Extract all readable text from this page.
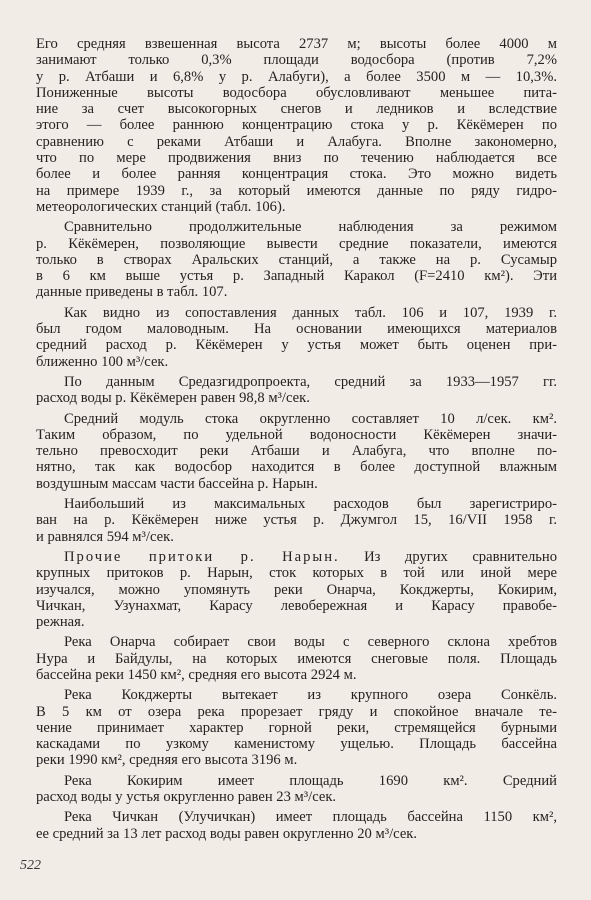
Его средняя взвешенная высота 2737 м; высоты более 4000 м
занимают только 0,3% площади водосбора (против 7,2%
у р. Атбаши и 6,8% у р. Алабуги), а более 3500 м — 10,3%.
Пониженные высоты водосбора обусловливают меньшее пита-
ние за счет высокогорных снегов и ледников и вследствие
этого — более раннюю концентрацию стока у р. Кёкёмерен по
сравнению с реками Атбаши и Алабуга. Вполне закономерно,
что по мере продвижения вниз по течению наблюдается все
более и более ранняя концентрация стока. Это можно видеть
на примере 1939 г., за который имеются данные по ряду гидро-
метеорологических станций (табл. 106).
Сравнительно продолжительные наблюдения за режимом
р. Кёкёмерен, позволяющие вывести средние показатели, имеются
только в створах Аральских станций, а также на р. Сусамыр
в 6 км выше устья р. Западный Каракол (F=2410 км²). Эти
данные приведены в табл. 107.
Как видно из сопоставления данных табл. 106 и 107, 1939 г.
был годом маловодным. На основании имеющихся материалов
средний расход р. Кёкёмерен у устья может быть оценен при-
ближенно 100 м³/сек.
По данным Средазгидропроекта, средний за 1933—1957 гг.
расход воды р. Кёкёмерен равен 98,8 м³/сек.
Средний модуль стока округленно составляет 10 л/сек. км².
Таким образом, по удельной водоносности Кёкёмерен значи-
тельно превосходит реки Атбаши и Алабуга, что вполне по-
нятно, так как водосбор находится в более доступной влажным
воздушным массам части бассейна р. Нарын.
Наибольший из максимальных расходов был зарегистриро-
ван на р. Кёкёмерен ниже устья р. Джумгол 15, 16/VII 1958 г.
и равнялся 594 м³/сек.
Прочие притоки р. Нарын. Из других сравнительно
крупных притоков р. Нарын, сток которых в той или иной мере
изучался, можно упомянуть реки Онарча, Кокджерты, Кокирим,
Чичкан, Узунахмат, Карасу левобережная и Карасу правобе-
режная.
Река Онарча собирает свои воды с северного склона хребтов
Нура и Байдулы, на которых имеются снеговые поля. Площадь
бассейна реки 1450 км², средняя его высота 2924 м.
Река Кокджерты вытекает из крупного озера Сонкёль.
В 5 км от озера река прорезает гряду и спокойное вначале те-
чение принимает характер горной реки, стремящейся бурными
каскадами по узкому каменистому ущелью. Площадь бассейна
реки 1990 км², средняя его высота 3196 м.
Река Кокирим имеет площадь 1690 км². Средний
расход воды у устья округленно равен 23 м³/сек.
Река Чичкан (Улучичкан) имеет площадь бассейна 1150 км²,
ее средний за 13 лет расход воды равен округленно 20 м³/сек.
522
